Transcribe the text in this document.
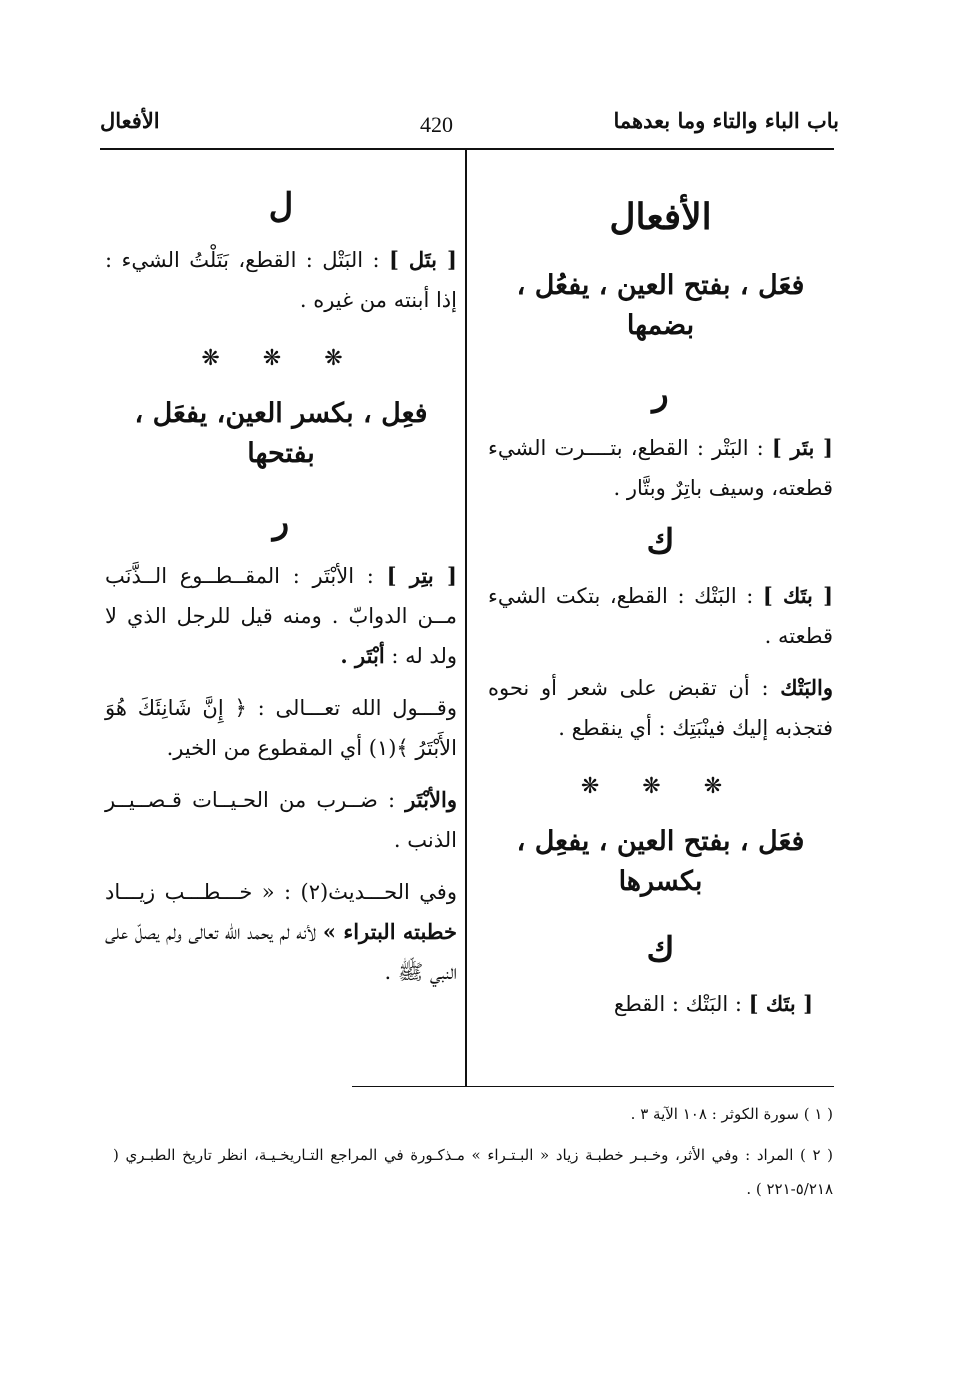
باب الباء والتاء وما بعدهما
420
الأفعال
الأفعال
فعَل ، بفتح العين ، يفعُل ، بضمها
ر

[ بتَر ] : البَتْر : القطع، بتــــرت الشيء قطعته، وسيف باتِرٌ وبتَّار .

ك

[ بتَك ] : البَتْك : القطع، بتكت الشيء قطعته .

والبَتْك : أن تقبض على شعر أو نحوه فتجذبه إليك فينْبَتِك : أي ينقطع .

❋ ❋ ❋
فعَل ، بفتح العين ، يفعِل ، بكسرها
ك

[ بتَك ] : البَتْك : القطع

ل

[ بتَل ] : البَتْل : القطع، بَتَلْتُ الشيء : إذا أبنته من غيره .

❋ ❋ ❋
فعِل ، بكسر العين، يفعَل ، بفتحها
ر

[ بتِر ] : الأبْتَر : المقــطــوع الــذَّنَب مــن الدوابّ . ومنه قيل للرجل الذي لا ولد له : أبْتَر .

وقـــول الله تعـــالى : ﴿ إِنَّ شَانِئَكَ هُوَ الأَبْتَرُ ﴾(١) أي المقطوع من الخير.

والأبْتَر : ضــرب من الحـيــات قـصــيــر الذنب .

وفي الحـــديث(٢) : « خـــطـــب زيـــاد خطبته البتراء » لأنه لم يحمد الله تعالى ولم يصلّ على النبي ﷺ .

( ١ ) سورة الكوثر : ١٠٨ الآية ٣ .
( ٢ ) المراد : وفي الأثر، وخـبـر خطبـة زياد « البـتـراء » مـذكـورة في المراجع التـاريخـيـة، انظر تاريخ الطبـري ( ٥/٢١٨-٢٢١ ) .
